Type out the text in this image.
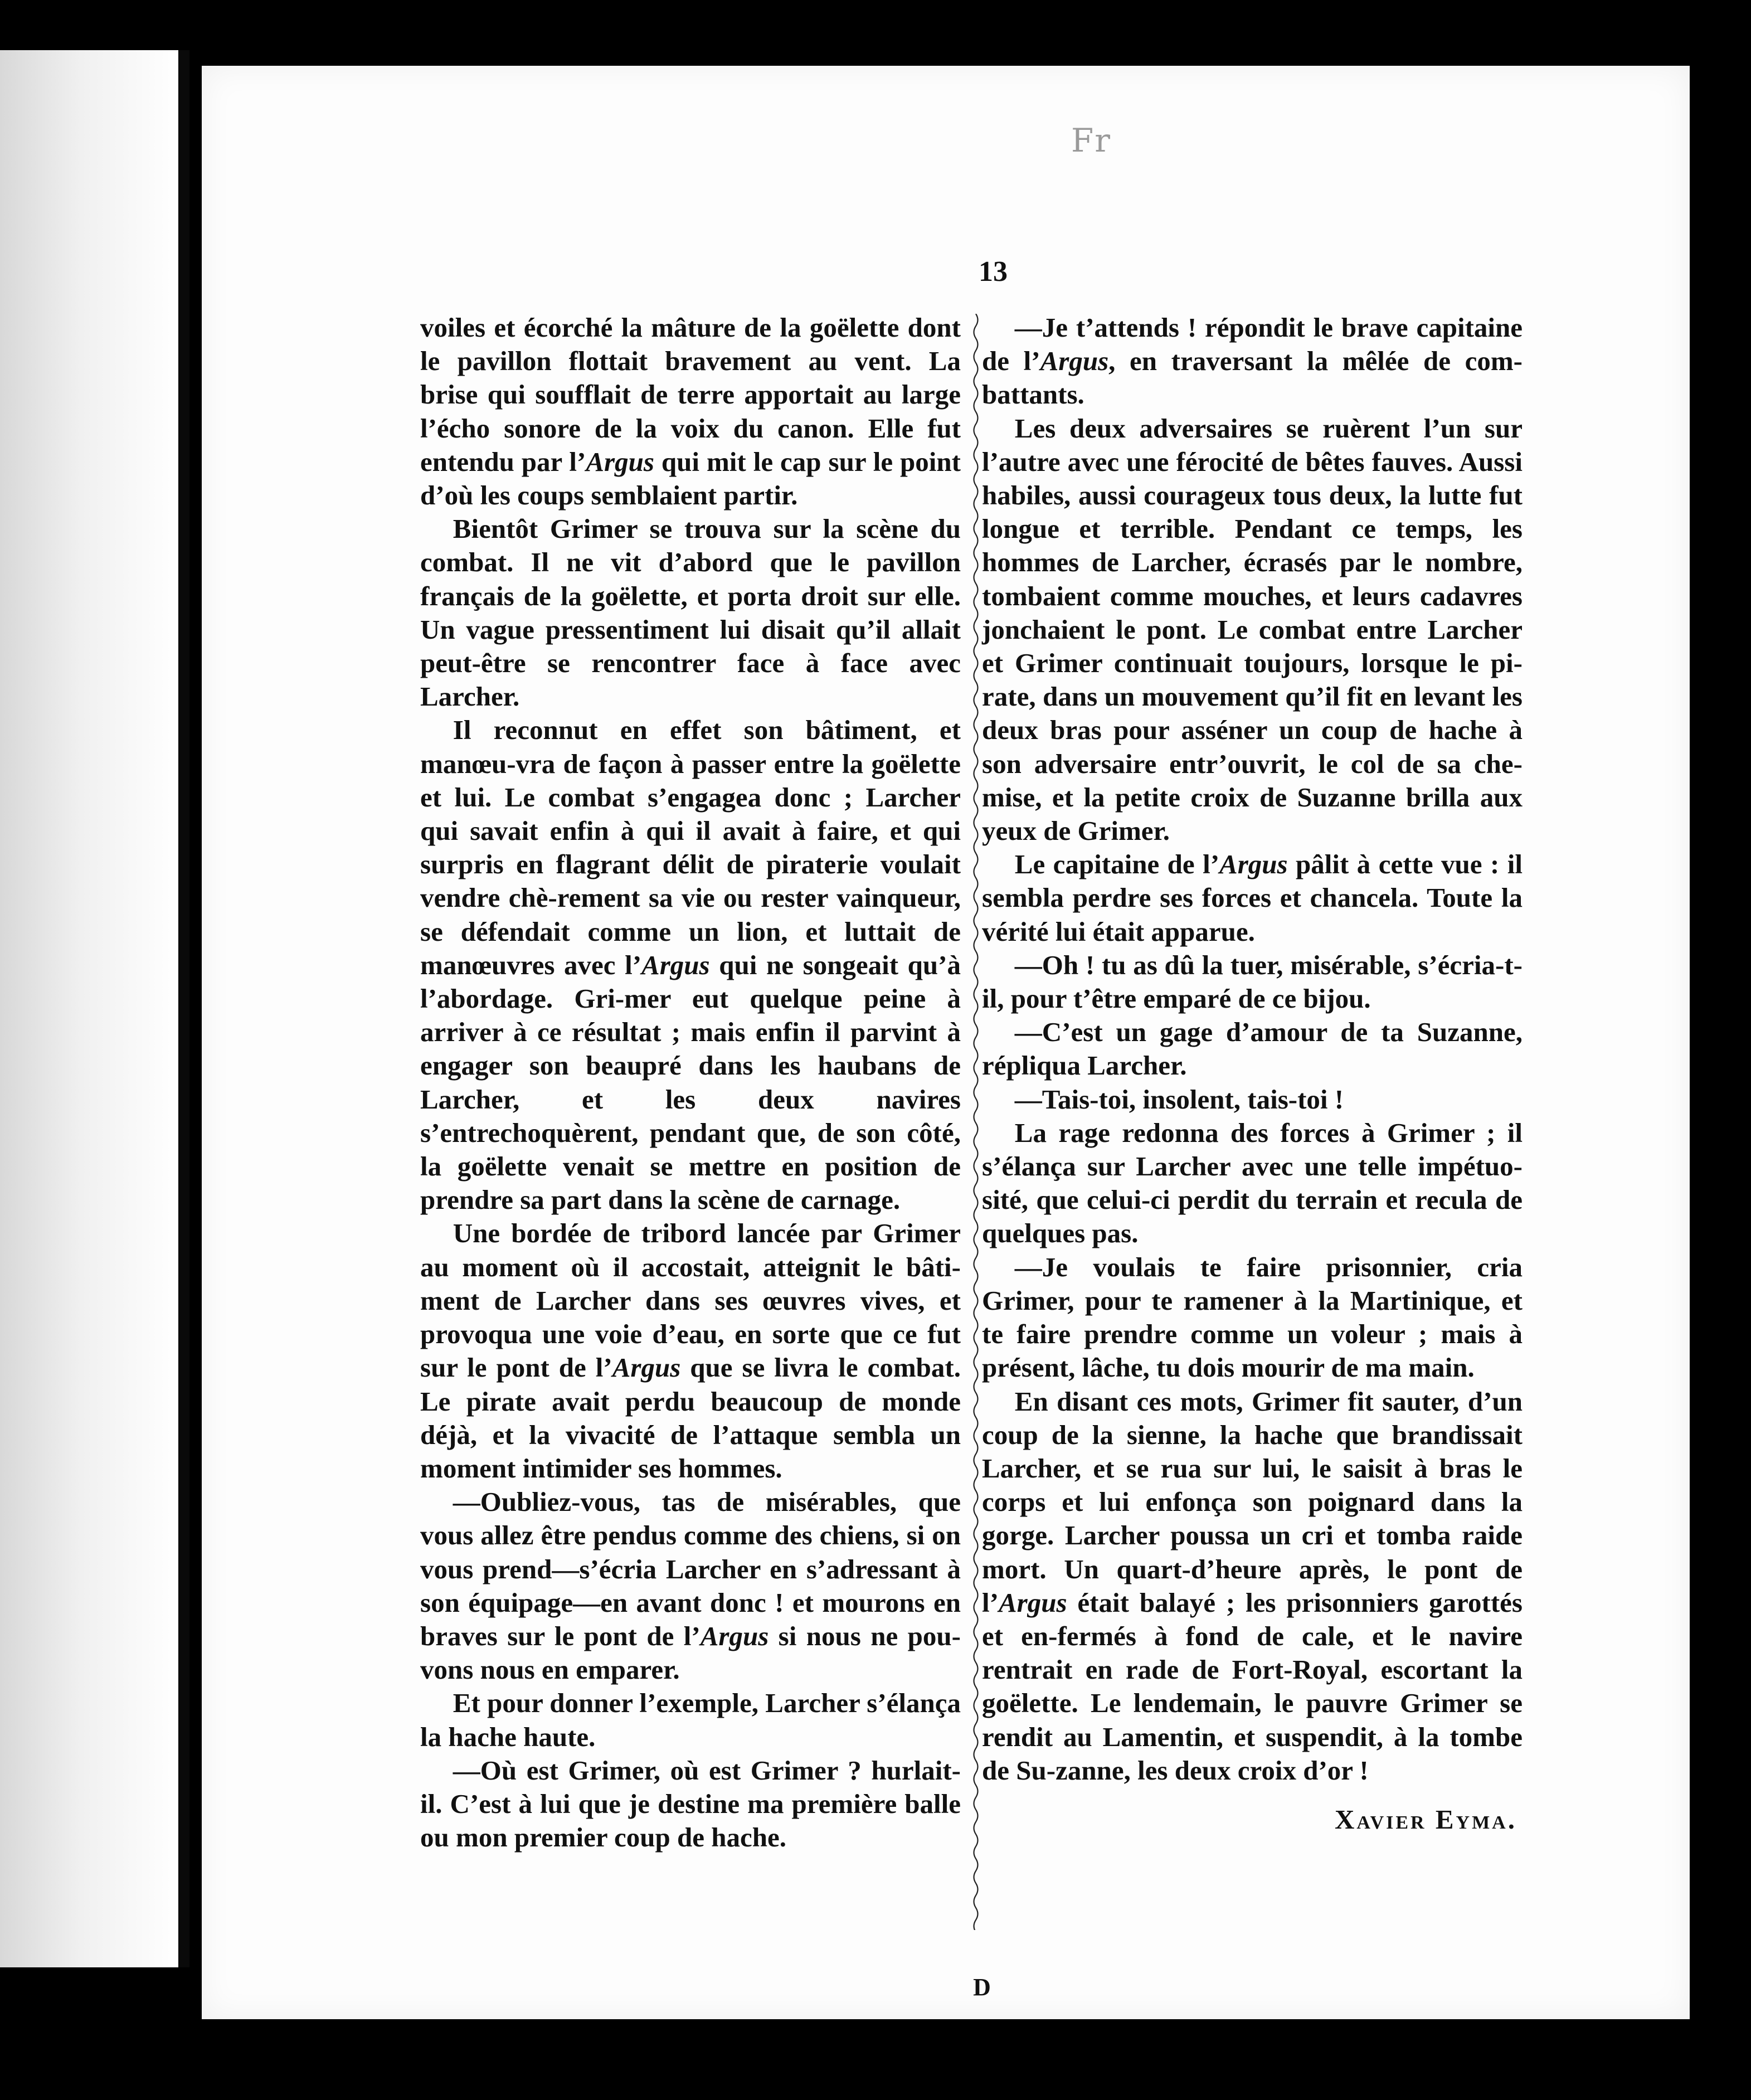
Fr
13

voiles et écorché la mâture de la goëlette dont le pavillon flottait bravement au vent. La brise qui soufflait de terre apportait au large l’écho sonore de la voix du canon. Elle fut entendu par l’Argus qui mit le cap sur le point d’où les coups semblaient partir.

Bientôt Grimer se trouva sur la scène du combat. Il ne vit d’abord que le pavillon français de la goëlette, et porta droit sur elle. Un vague pressentiment lui disait qu’il allait peut-être se rencontrer face à face avec Larcher.

Il reconnut en effet son bâtiment, et manœu-vra de façon à passer entre la goëlette et lui. Le combat s’engagea donc ; Larcher qui savait enfin à qui il avait à faire, et qui surpris en flagrant délit de piraterie voulait vendre chè-rement sa vie ou rester vainqueur, se défendait comme un lion, et luttait de manœuvres avec l’Argus qui ne songeait qu’à l’abordage. Gri-mer eut quelque peine à arriver à ce résultat ; mais enfin il parvint à engager son beaupré dans les haubans de Larcher, et les deux navires s’entrechoquèrent, pendant que, de son côté, la goëlette venait se mettre en position de prendre sa part dans la scène de carnage.

Une bordée de tribord lancée par Grimer au moment où il accostait, atteignit le bâti-ment de Larcher dans ses œuvres vives, et provoqua une voie d’eau, en sorte que ce fut sur le pont de l’Argus que se livra le combat. Le pirate avait perdu beaucoup de monde déjà, et la vivacité de l’attaque sembla un moment intimider ses hommes.

—Oubliez-vous, tas de misérables, que vous allez être pendus comme des chiens, si on vous prend—s’écria Larcher en s’adressant à son équipage—en avant donc ! et mourons en braves sur le pont de l’Argus si nous ne pou-vons nous en emparer.

Et pour donner l’exemple, Larcher s’élança la hache haute.

—Où est Grimer, où est Grimer ? hurlait-il. C’est à lui que je destine ma première balle ou mon premier coup de hache.

—Je t’attends ! répondit le brave capitaine de l’Argus, en traversant la mêlée de com-battants.

Les deux adversaires se ruèrent l’un sur l’autre avec une férocité de bêtes fauves. Aussi habiles, aussi courageux tous deux, la lutte fut longue et terrible. Pendant ce temps, les hommes de Larcher, écrasés par le nombre, tombaient comme mouches, et leurs cadavres jonchaient le pont. Le combat entre Larcher et Grimer continuait toujours, lorsque le pi-rate, dans un mouvement qu’il fit en levant les deux bras pour asséner un coup de hache à son adversaire entr’ouvrit, le col de sa che-mise, et la petite croix de Suzanne brilla aux yeux de Grimer.

Le capitaine de l’Argus pâlit à cette vue : il sembla perdre ses forces et chancela. Toute la vérité lui était apparue.

—Oh ! tu as dû la tuer, misérable, s’écria-t-il, pour t’être emparé de ce bijou.

—C’est un gage d’amour de ta Suzanne, répliqua Larcher.

—Tais-toi, insolent, tais-toi !

La rage redonna des forces à Grimer ; il s’élança sur Larcher avec une telle impétuo-sité, que celui-ci perdit du terrain et recula de quelques pas.

—Je voulais te faire prisonnier, cria Grimer, pour te ramener à la Martinique, et te faire prendre comme un voleur ; mais à présent, lâche, tu dois mourir de ma main.

En disant ces mots, Grimer fit sauter, d’un coup de la sienne, la hache que brandissait Larcher, et se rua sur lui, le saisit à bras le corps et lui enfonça son poignard dans la gorge. Larcher poussa un cri et tomba raide mort. Un quart-d’heure après, le pont de l’Argus était balayé ; les prisonniers garottés et en-fermés à fond de cale, et le navire rentrait en rade de Fort-Royal, escortant la goëlette. Le lendemain, le pauvre Grimer se rendit au Lamentin, et suspendit, à la tombe de Su-zanne, les deux croix d’or !

Xavier Eyma.
D
